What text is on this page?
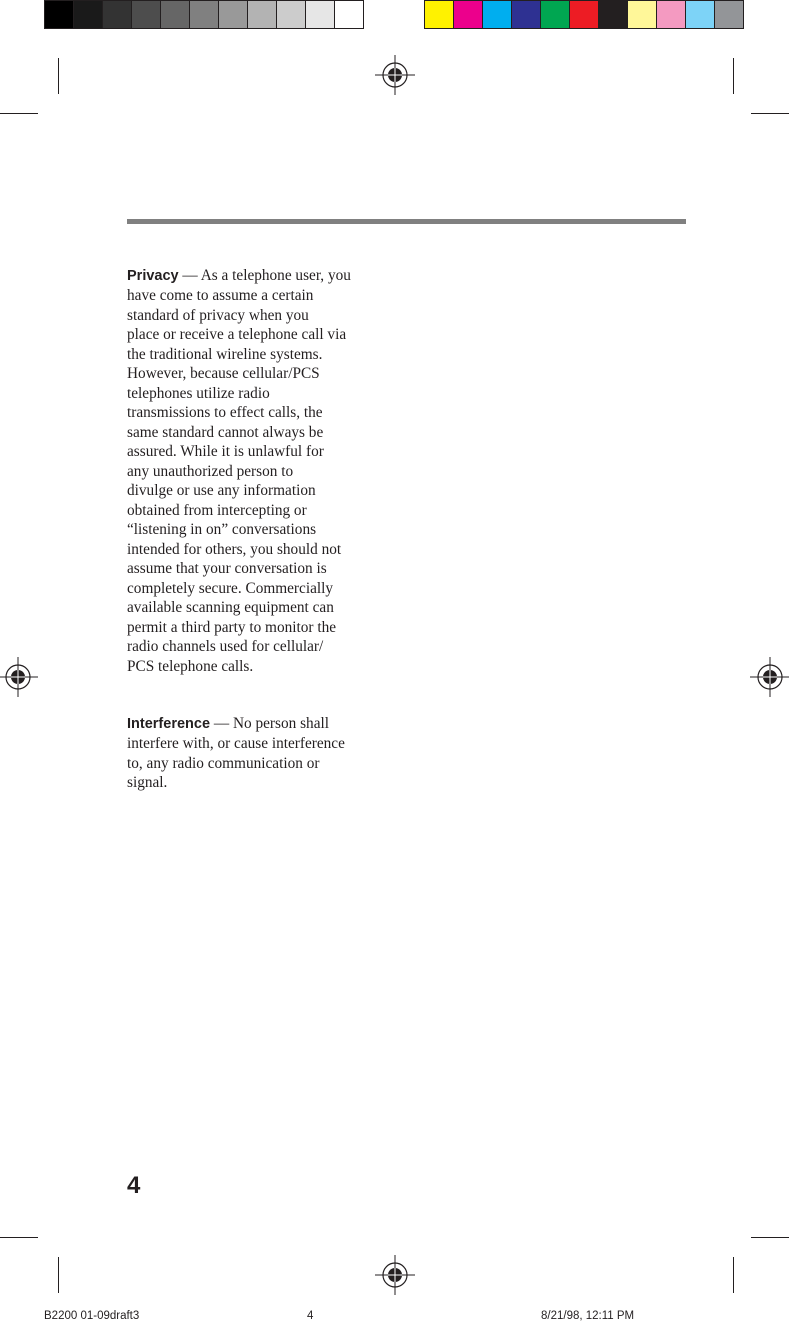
Privacy — As a telephone user, you
have come to assume a certain
standard of privacy when you
place or receive a telephone call via
the traditional wireline systems.
However, because cellular/PCS
telephones utilize radio
transmissions to effect calls, the
same standard cannot always be
assured. While it is unlawful for
any unauthorized person to
divulge or use any information
obtained from intercepting or
“listening in on” conversations
intended for others, you should not
assume that your conversation is
completely secure. Commercially
available scanning equipment can
permit a third party to monitor the
radio channels used for cellular/
PCS telephone calls.

Interference — No person shall
interfere with, or cause interference
to, any radio communication or
signal.

4
B2200 01-09draft3	4	8/21/98, 12:11 PM
